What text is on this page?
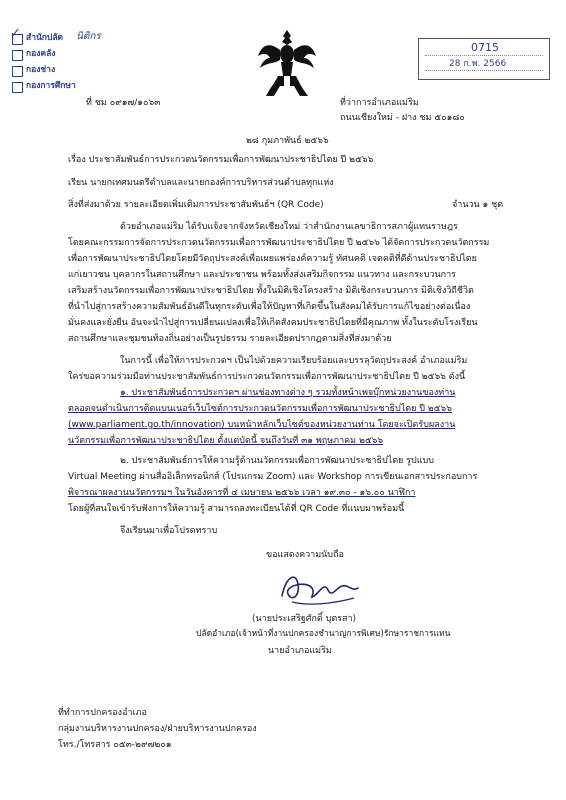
✓ สำนักปลัด นิติกร
กองคลัง
กองช่าง
กองการศึกษา
0715
28 ก.พ. 2566
ที่ ชม ๐๙๑๗/๑๐๖๓	ที่ว่าการอำเภอแม่ริม
ถนนเชียงใหม่ - ฝาง ชม ๕๐๑๘๐
๒๘ กุมภาพันธ์ ๒๕๖๖
เรื่อง ประชาสัมพันธ์การประกวดนวัตกรรมเพื่อการพัฒนาประชาธิปไตย ปี ๒๕๖๖
เรียน นายกเทศมนตรีตำบลและนายกองค์การบริหารส่วนตำบลทุกแห่ง
สิ่งที่ส่งมาด้วย รายละเอียดเพิ่มเติมการประชาสัมพันธ์ฯ (QR Code)	จำนวน ๑ ชุด
ด้วยอำเภอแม่ริม ได้รับแจ้งจากจังหวัดเชียงใหม่ ว่าสำนักงานเลขาธิการสภาผู้แทนราษฎร
โดยคณะกรรมการจัดการประกวดนวัตกรรมเพื่อการพัฒนาประชาธิปไตย ปี ๒๕๖๖ ได้จัดการประกวดนวัตกรรม
เพื่อการพัฒนาประชาธิปไตยโดยมีวัตถุประสงค์เพื่อเผยแพร่องค์ความรู้ ทัศนคติ เจตคติที่ดีด้านประชาธิปไตย
แก่เยาวชน บุคลากรในสถานศึกษา และประชาชน พร้อมทั้งส่งเสริมกิจกรรม แนวทาง และกระบวนการ
เสริมสร้างนวัตกรรมเพื่อการพัฒนาประชาธิปไตย ทั้งในมิติเชิงโครงสร้าง มิติเชิงกระบวนการ มิติเชิงวิถีชีวิต
ที่นำไปสู่การสร้างความสัมพันธ์อันดีในทุกระดับเพื่อให้ปัญหาที่เกิดขึ้นในสังคมได้รับการแก้ไขอย่างต่อเนื่อง
มั่นคงและยั่งยืน อันจะนำไปสู่การเปลี่ยนแปลงเพื่อให้เกิดสังคมประชาธิปไตยที่มีคุณภาพ ทั้งในระดับโรงเรียน
สถานศึกษาและชุมชนท้องถิ่นอย่างเป็นรูปธรรม รายละเอียดปรากฏตามสิ่งที่ส่งมาด้วย
ในการนี้ เพื่อให้การประกวดฯ เป็นไปด้วยความเรียบร้อยและบรรลุวัตถุประสงค์ อำเภอแม่ริม
ใคร่ขอความร่วมมือท่านประชาสัมพันธ์การประกวดนวัตกรรมเพื่อการพัฒนาประชาธิปไตย ปี ๒๕๖๖ ดังนี้
๑. ประชาสัมพันธ์การประกวดฯ ผ่านช่องทางต่าง ๆ รวมทั้งหน้าเพจบุ๊กหน่วยงานของท่าน
ตลอดจนดำเนินการติดแบนเนอร์เว็บไซต์การประกวดนวัตกรรมเพื่อการพัฒนาประชาธิปไตย ปี ๒๕๖๖
(www.parliament.go.th/innovation) บนหน้าหลักเว็บไซต์ของหน่วยงานท่าน โดยจะเปิดรับผลงาน
นวัตกรรมเพื่อการพัฒนาประชาธิปไตย ตั้งแต่บัดนี้ จนถึงวันที่ ๓๑ พฤษภาคม ๒๕๖๖
๒. ประชาสัมพันธ์การให้ความรู้ด้านนวัตกรรมเพื่อการพัฒนาประชาธิปไตย รูปแบบ
Virtual Meeting ผ่านสื่ออิเล็กทรอนิกส์ (โปรแกรม Zoom) และ Workshop การเขียนเอกสารประกอบการ
พิจารณาผลงานนวัตกรรมฯ ในวันอังคารที่ ๔ เมษายน ๒๕๖๖ เวลา ๑๙.๓๐ - ๑๖.๐๐ นาฬิกา
โดยผู้ที่สนใจเข้ารับฟังการให้ความรู้ สามารถลงทะเบียนได้ที่ QR Code ที่แนบมาพร้อมนี้
จึงเรียนมาเพื่อโปรดทราบ
ขอแสดงความนับถือ
(นายประเสริฐศักดิ์ บุตรสา)
ปลัดอำเภอ(เจ้าหน้าที่งานปกครองชำนาญการพิเศษ)รักษาราชการแทน
นายอำเภอแม่ริม
ที่ทำการปกครองอำเภอ
กลุ่มงานบริหารงานปกครอง/ฝ่ายบริหารงานปกครอง
โทร./โทรสาร ๐๕๓-๒๙๗๒๐๑
